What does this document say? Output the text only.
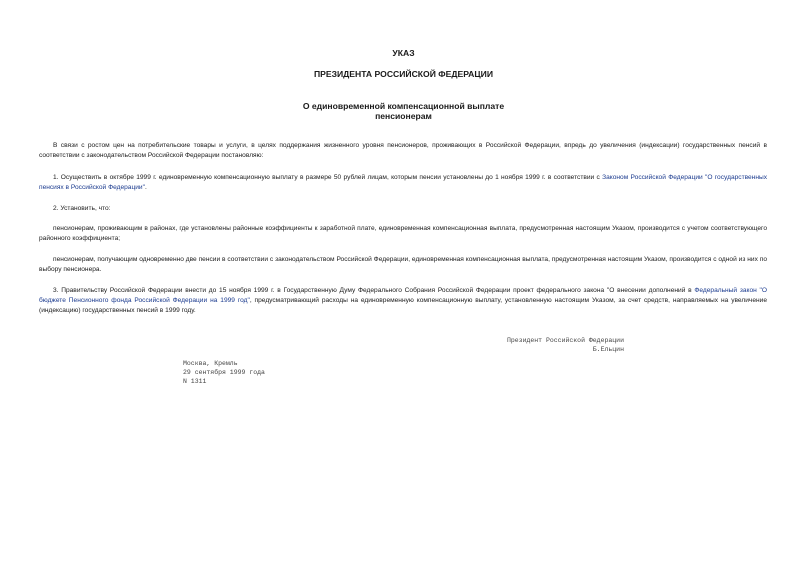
УКАЗ
ПРЕЗИДЕНТА РОССИЙСКОЙ ФЕДЕРАЦИИ
О единовременной компенсационной выплате
пенсионерам

В связи с ростом цен на потребительские товары и услуги, в целях поддержания жизненного уровня пенсионеров, проживающих в Российской Федерации, впредь до увеличения (индексации) государственных пенсий в соответствии с законодательством Российской Федерации постановляю:

1. Осуществить в октябре 1999 г. единовременную компенсационную выплату в размере 50 рублей лицам, которым пенсии установлены до 1 ноября 1999 г. в соответствии с Законом Российской Федерации "О государственных пенсиях в Российской Федерации".

2. Установить, что:

пенсионерам, проживающим в районах, где установлены районные коэффициенты к заработной плате, единовременная компенсационная выплата, предусмотренная настоящим Указом, производится с учетом соответствующего районного коэффициента;

пенсионерам, получающим одновременно две пенсии в соответствии с законодательством Российской Федерации, единовременная компенсационная выплата, предусмотренная настоящим Указом, производится с одной из них по выбору пенсионера.

3. Правительству Российской Федерации внести до 15 ноября 1999 г. в Государственную Думу Федерального Собрания Российской Федерации проект федерального закона "О внесении дополнений в Федеральный закон "О бюджете Пенсионного фонда Российской Федерации на 1999 год", предусматривающий расходы на единовременную компенсационную выплату, установленную настоящим Указом, за счет средств, направляемых на увеличение (индексацию) государственных пенсий в 1999 году.

Президент Российской Федерации
Б.Ельцин
Москва, Кремль
29 сентября 1999 года
N 1311
